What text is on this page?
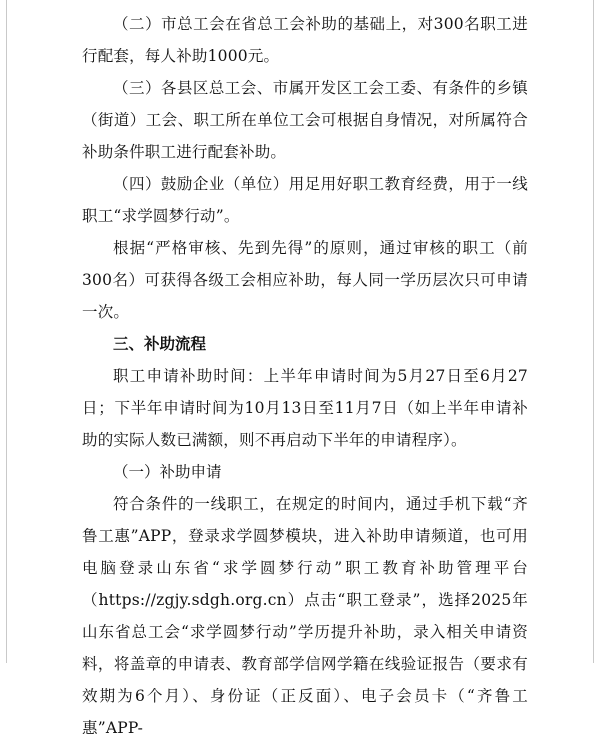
（二）市总工会在省总工会补助的基础上，对300名职工进行配套，每人补助1000元。

（三）各县区总工会、市属开发区工会工委、有条件的乡镇（街道）工会、职工所在单位工会可根据自身情况，对所属符合补助条件职工进行配套补助。

（四）鼓励企业（单位）用足用好职工教育经费，用于一线职工“求学圆梦行动”。

根据“严格审核、先到先得”的原则，通过审核的职工（前300名）可获得各级工会相应补助，每人同一学历层次只可申请一次。

三、补助流程

职工申请补助时间：上半年申请时间为5月27日至6月27日；下半年申请时间为10月13日至11月7日（如上半年申请补助的实际人数已满额，则不再启动下半年的申请程序）。

（一）补助申请

符合条件的一线职工，在规定的时间内，通过手机下载“齐鲁工惠”APP，登录求学圆梦模块，进入补助申请频道，也可用电脑登录山东省“求学圆梦行动”职工教育补助管理平台（https://zgjy.sdgh.org.cn）点击“职工登录”，选择2025年山东省总工会“求学圆梦行动”学历提升补助，录入相关申请资料，将盖章的申请表、教育部学信网学籍在线验证报告（要求有效期为6个月）、身份证（正反面）、电子会员卡（“齐鲁工惠”APP-
